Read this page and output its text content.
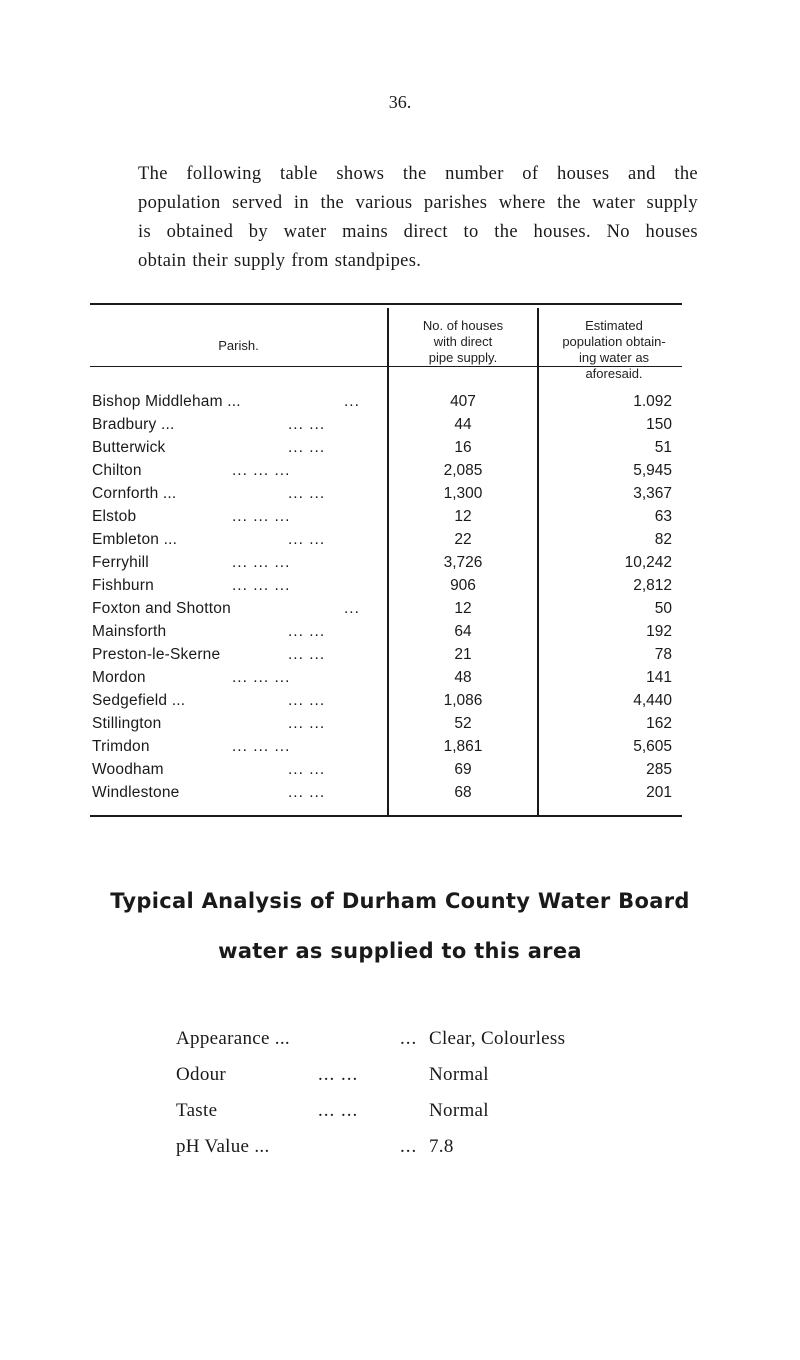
36.
The following table shows the number of houses and the
population served in the various parishes where the water supply
is obtained by water mains direct to the houses. No houses
obtain their supply from standpipes.
Parish.
No. of houses
with direct
pipe supply.
Estimated
population obtain-
ing water as
aforesaid.
Bishop Middleham ...	...	407	1.092
Bradbury ...	... ...	44	150
Butterwick	... ...	16	51
Chilton	... ... ...	2,085	5,945
Cornforth ...	... ...	1,300	3,367
Elstob	... ... ...	12	63
Embleton ...	... ...	22	82
Ferryhill	... ... ...	3,726	10,242
Fishburn	... ... ...	906	2,812
Foxton and Shotton	...	12	50
Mainsforth	... ...	64	192
Preston-le-Skerne	... ...	21	78
Mordon	... ... ...	48	141
Sedgefield ...	... ...	1,086	4,440
Stillington	... ...	52	162
Trimdon	... ... ...	1,861	5,605
Woodham	... ...	69	285
Windlestone	... ...	68	201
Typical Analysis of Durham County Water Board
water as supplied to this area
Appearance ...	... Clear, Colourless
Odour	... ...	Normal
Taste	... ...	Normal
pH Value ...	... 7.8
